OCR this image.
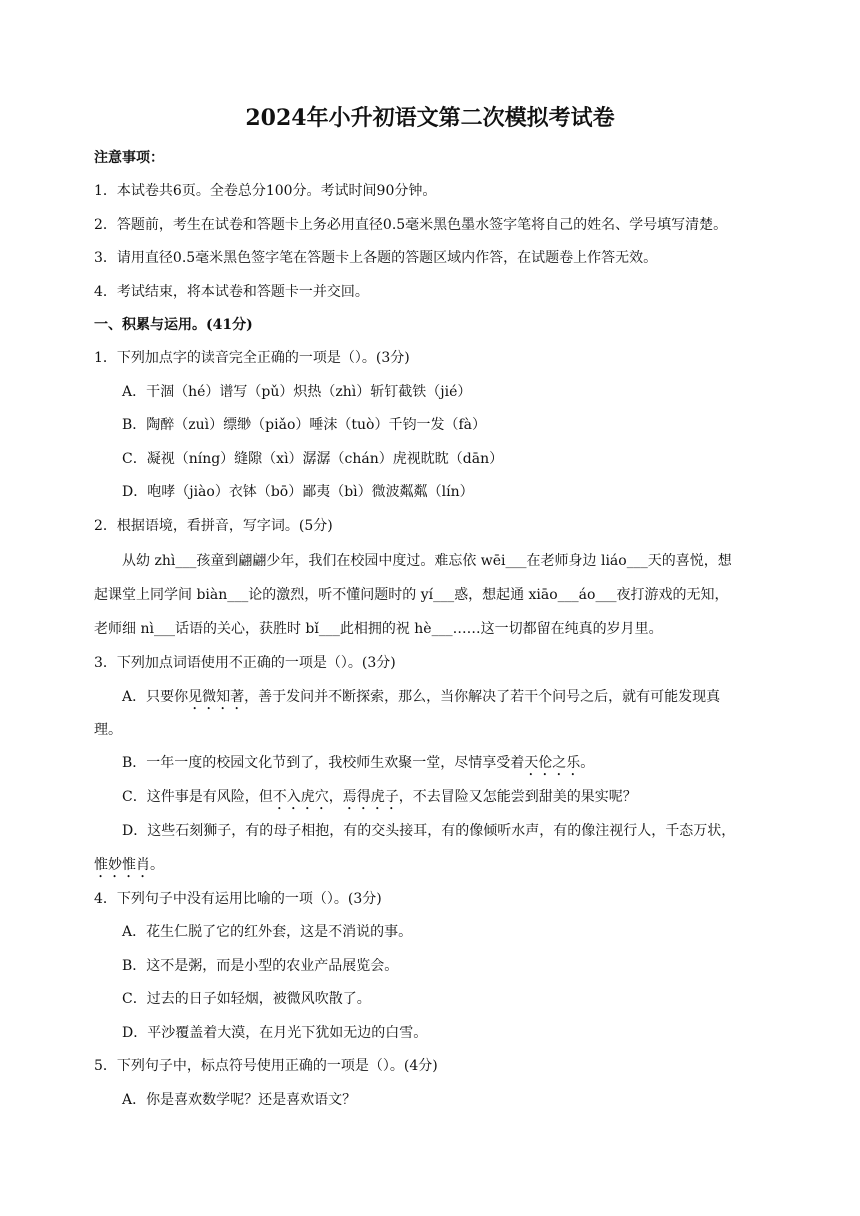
2024年小升初语文第二次模拟考试卷
注意事项：
1．本试卷共6页。全卷总分100分。考试时间90分钟。
2．答题前，考生在试卷和答题卡上务必用直径0.5毫米黑色墨水签字笔将自己的姓名、学号填写清楚。
3．请用直径0.5毫米黑色签字笔在答题卡上各题的答题区域内作答，在试题卷上作答无效。
4．考试结束，将本试卷和答题卡一并交回。
一、积累与运用。(41分)
1．下列加点字的读音完全正确的一项是（）。(3分)
A．干涸（hé）谱写（pǔ）炽热（zhì）斩钉截铁（jié）
B．陶醉（zuì）缥缈（piǎo）唾沫（tuò）千钧一发（fà）
C．凝视（níng）缝隙（xì）潺潺（chán）虎视眈眈（dān）
D．咆哮（jiào）衣钵（bō）鄙夷（bì）微波粼粼（lín）
2．根据语境，看拼音，写字词。(5分)
从幼 zhì___孩童到翩翩少年，我们在校园中度过。难忘依 wēi___在老师身边 liáo___天的喜悦，想
起课堂上同学间 biàn___论的激烈，听不懂问题时的 yí___惑，想起通 xiāo___áo___夜打游戏的无知，
老师细 nì___话语的关心，获胜时 bǐ___此相拥的祝 hè___……这一切都留在纯真的岁月里。
3．下列加点词语使用不正确的一项是（）。(3分)
A．只要你见微知著，善于发问并不断探索，那么，当你解决了若干个问号之后，就有可能发现真
理。
B．一年一度的校园文化节到了，我校师生欢聚一堂，尽情享受着天伦之乐。
C．这件事是有风险，但不入虎穴，焉得虎子，不去冒险又怎能尝到甜美的果实呢？
D．这些石刻狮子，有的母子相抱，有的交头接耳，有的像倾听水声，有的像注视行人，千态万状，
惟妙惟肖。
4．下列句子中没有运用比喻的一项（）。(3分)
A．花生仁脱了它的红外套，这是不消说的事。
B．这不是粥，而是小型的农业产品展览会。
C．过去的日子如轻烟，被微风吹散了。
D．平沙覆盖着大漠，在月光下犹如无边的白雪。
5．下列句子中，标点符号使用正确的一项是（）。(4分)
A．你是喜欢数学呢？还是喜欢语文？
